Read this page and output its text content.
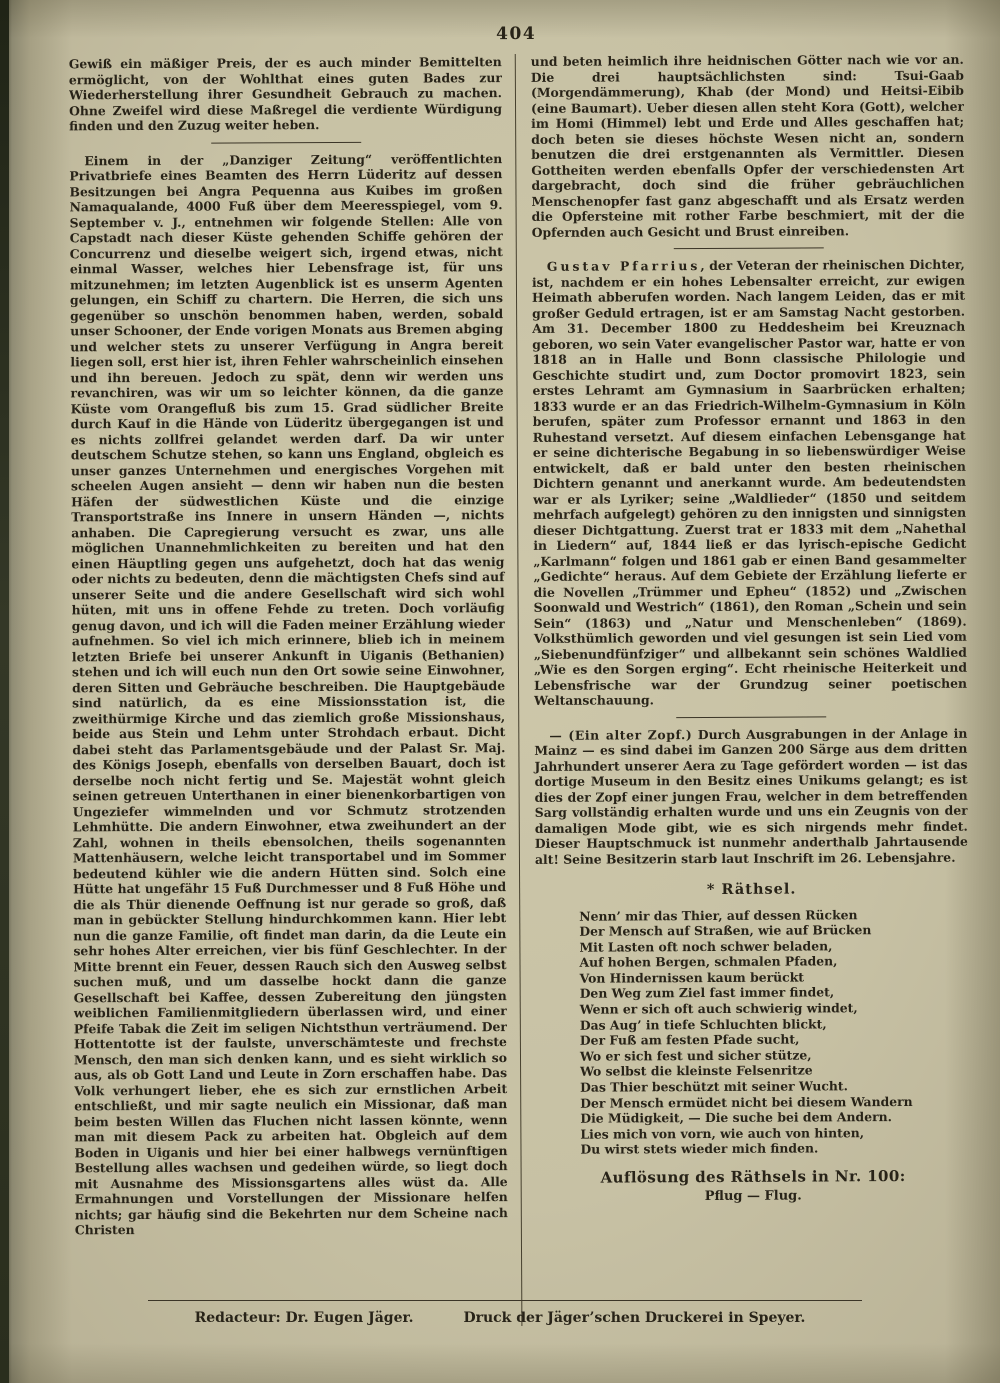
404

Gewiß ein mäßiger Preis, der es auch minder Bemittelten ermöglicht, von der Wohlthat eines guten Bades zur Wiederherstellung ihrer Gesundheit Gebrauch zu machen. Ohne Zweifel wird diese Maßregel die verdiente Würdigung finden und den Zuzug weiter heben.

Einem in der „Danziger Zeitung“ veröffentlichten Privatbriefe eines Beamten des Herrn Lüderitz auf dessen Besitzungen bei Angra Pequenna aus Kuibes im großen Namaqualande, 4000 Fuß über dem Meeresspiegel, vom 9. September v. J., entnehmen wir folgende Stellen: Alle von Capstadt nach dieser Küste gehenden Schiffe gehören der Concurrenz und dieselbe weigert sich, irgend etwas, nicht einmal Wasser, welches hier Lebensfrage ist, für uns mitzunehmen; im letzten Augenblick ist es unserm Agenten gelungen, ein Schiff zu chartern. Die Herren, die sich uns gegenüber so unschön benommen haben, werden, sobald unser Schooner, der Ende vorigen Monats aus Bremen abging und welcher stets zu unserer Verfügung in Angra bereit liegen soll, erst hier ist, ihren Fehler wahrscheinlich einsehen und ihn bereuen. Jedoch zu spät, denn wir werden uns revanchiren, was wir um so leichter können, da die ganze Küste vom Orangefluß bis zum 15. Grad südlicher Breite durch Kauf in die Hände von Lüderitz übergegangen ist und es nichts zollfrei gelandet werden darf. Da wir unter deutschem Schutze stehen, so kann uns England, obgleich es unser ganzes Unternehmen und energisches Vorgehen mit scheelen Augen ansieht — denn wir haben nun die besten Häfen der südwestlichen Küste und die einzige Transportstraße ins Innere in unsern Händen —, nichts anhaben. Die Capregierung versucht es zwar, uns alle möglichen Unannehmlichkeiten zu bereiten und hat den einen Häuptling gegen uns aufgehetzt, doch hat das wenig oder nichts zu bedeuten, denn die mächtigsten Chefs sind auf unserer Seite und die andere Gesellschaft wird sich wohl hüten, mit uns in offene Fehde zu treten. Doch vorläufig genug davon, und ich will die Faden meiner Erzählung wieder aufnehmen. So viel ich mich erinnere, blieb ich in meinem letzten Briefe bei unserer Ankunft in Uiganis (Bethanien) stehen und ich will euch nun den Ort sowie seine Einwohner, deren Sitten und Gebräuche beschreiben. Die Hauptgebäude sind natürlich, da es eine Missionsstation ist, die zweithürmige Kirche und das ziemlich große Missionshaus, beide aus Stein und Lehm unter Strohdach erbaut. Dicht dabei steht das Parlamentsgebäude und der Palast Sr. Maj. des Königs Joseph, ebenfalls von derselben Bauart, doch ist derselbe noch nicht fertig und Se. Majestät wohnt gleich seinen getreuen Unterthanen in einer bienenkorbartigen von Ungeziefer wimmelnden und vor Schmutz strotzenden Lehmhütte. Die andern Einwohner, etwa zweihundert an der Zahl, wohnen in theils ebensolchen, theils sogenannten Mattenhäusern, welche leicht transportabel und im Sommer bedeutend kühler wie die andern Hütten sind. Solch eine Hütte hat ungefähr 15 Fuß Durchmesser und 8 Fuß Höhe und die als Thür dienende Oeffnung ist nur gerade so groß, daß man in gebückter Stellung hindurchkommen kann. Hier lebt nun die ganze Familie, oft findet man darin, da die Leute ein sehr hohes Alter erreichen, vier bis fünf Geschlechter. In der Mitte brennt ein Feuer, dessen Rauch sich den Ausweg selbst suchen muß, und um dasselbe hockt dann die ganze Gesellschaft bei Kaffee, dessen Zubereitung den jüngsten weiblichen Familienmitgliedern überlassen wird, und einer Pfeife Tabak die Zeit im seligen Nichtsthun verträumend. Der Hottentotte ist der faulste, unverschämteste und frechste Mensch, den man sich denken kann, und es sieht wirklich so aus, als ob Gott Land und Leute in Zorn erschaffen habe. Das Volk verhungert lieber, ehe es sich zur ernstlichen Arbeit entschließt, und mir sagte neulich ein Missionar, daß man beim besten Willen das Fluchen nicht lassen könnte, wenn man mit diesem Pack zu arbeiten hat. Obgleich auf dem Boden in Uiganis und hier bei einer halbwegs vernünftigen Bestellung alles wachsen und gedeihen würde, so liegt doch mit Ausnahme des Missionsgartens alles wüst da. Alle Ermahnungen und Vorstellungen der Missionare helfen nichts; gar häufig sind die Bekehrten nur dem Scheine nach Christen

und beten heimlich ihre heidnischen Götter nach wie vor an. Die drei hauptsächlichsten sind: Tsui-Gaab (Morgendämmerung), Khab (der Mond) und Heitsi-Eibib (eine Baumart). Ueber diesen allen steht Kora (Gott), welcher im Homi (Himmel) lebt und Erde und Alles geschaffen hat; doch beten sie dieses höchste Wesen nicht an, sondern benutzen die drei erstgenannten als Vermittler. Diesen Gottheiten werden ebenfalls Opfer der verschiedensten Art dargebracht, doch sind die früher gebräuchlichen Menschenopfer fast ganz abgeschafft und als Ersatz werden die Opfersteine mit rother Farbe beschmiert, mit der die Opfernden auch Gesicht und Brust einreiben.

Gustav Pfarrius, der Veteran der rheinischen Dichter, ist, nachdem er ein hohes Lebensalter erreicht, zur ewigen Heimath abberufen worden. Nach langem Leiden, das er mit großer Geduld ertragen, ist er am Samstag Nacht gestorben. Am 31. December 1800 zu Heddesheim bei Kreuznach geboren, wo sein Vater evangelischer Pastor war, hatte er von 1818 an in Halle und Bonn classische Philologie und Geschichte studirt und, zum Doctor promovirt 1823, sein erstes Lehramt am Gymnasium in Saarbrücken erhalten; 1833 wurde er an das Friedrich-Wilhelm-Gymnasium in Köln berufen, später zum Professor ernannt und 1863 in den Ruhestand versetzt. Auf diesem einfachen Lebensgange hat er seine dichterische Begabung in so liebenswürdiger Weise entwickelt, daß er bald unter den besten rheinischen Dichtern genannt und anerkannt wurde. Am bedeutendsten war er als Lyriker; seine „Waldlieder“ (1850 und seitdem mehrfach aufgelegt) gehören zu den innigsten und sinnigsten dieser Dichtgattung. Zuerst trat er 1833 mit dem „Nahethal in Liedern“ auf, 1844 ließ er das lyrisch-epische Gedicht „Karlmann“ folgen und 1861 gab er einen Band gesammelter „Gedichte“ heraus. Auf dem Gebiete der Erzählung lieferte er die Novellen „Trümmer und Epheu“ (1852) und „Zwischen Soonwald und Westrich“ (1861), den Roman „Schein und sein Sein“ (1863) und „Natur und Menschenleben“ (1869). Volksthümlich geworden und viel gesungen ist sein Lied vom „Siebenundfünfziger“ und allbekannt sein schönes Waldlied „Wie es den Sorgen erging“. Echt rheinische Heiterkeit und Lebensfrische war der Grundzug seiner poetischen Weltanschauung.

— (Ein alter Zopf.) Durch Ausgrabungen in der Anlage in Mainz — es sind dabei im Ganzen 200 Särge aus dem dritten Jahrhundert unserer Aera zu Tage gefördert worden — ist das dortige Museum in den Besitz eines Unikums gelangt; es ist dies der Zopf einer jungen Frau, welcher in dem betreffenden Sarg vollständig erhalten wurde und uns ein Zeugnis von der damaligen Mode gibt, wie es sich nirgends mehr findet. Dieser Hauptschmuck ist nunmehr anderthalb Jahrtausende alt! Seine Besitzerin starb laut Inschrift im 26. Lebensjahre.

* Räthsel.
Nenn’ mir das Thier, auf dessen Rücken
Der Mensch auf Straßen, wie auf Brücken
Mit Lasten oft noch schwer beladen,
Auf hohen Bergen, schmalen Pfaden,
Von Hindernissen kaum berückt
Den Weg zum Ziel fast immer findet,
Wenn er sich oft auch schwierig windet,
Das Aug’ in tiefe Schluchten blickt,
Der Fuß am festen Pfade sucht,
Wo er sich fest und sicher stütze,
Wo selbst die kleinste Felsenritze
Das Thier beschützt mit seiner Wucht.
Der Mensch ermüdet nicht bei diesem Wandern
Die Müdigkeit, — Die suche bei dem Andern.
Lies mich von vorn, wie auch von hinten,
Du wirst stets wieder mich finden.
Auflösung des Räthsels in Nr. 100:
Pflug — Flug.
Redacteur: Dr. Eugen Jäger.	Druck der Jäger’schen Druckerei in Speyer.
